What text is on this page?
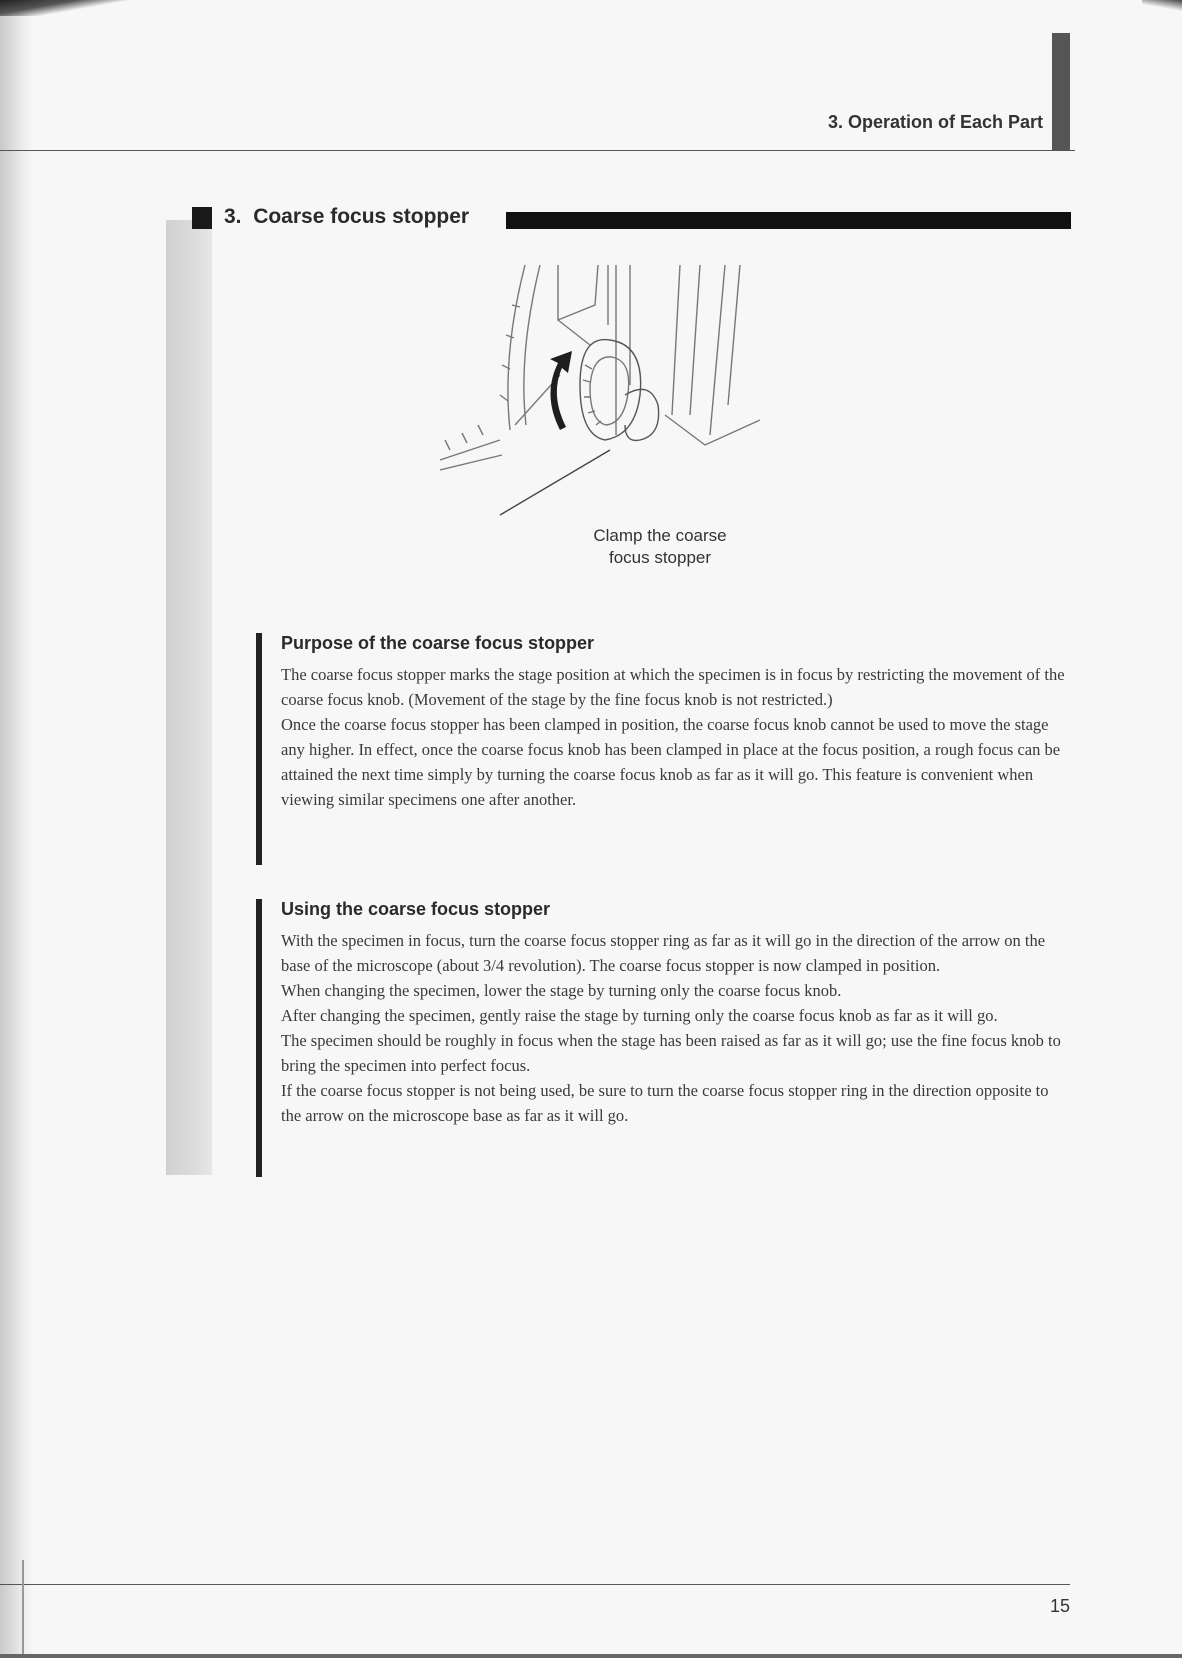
3. Operation of Each Part
3. Coarse focus stopper
Clamp the coarse
focus stopper
Purpose of the coarse focus stopper

The coarse focus stopper marks the stage position at which the specimen is in focus by restricting the movement of the coarse focus knob. (Movement of the stage by the fine focus knob is not restricted.)

Once the coarse focus stopper has been clamped in position, the coarse focus knob cannot be used to move the stage any higher. In effect, once the coarse focus knob has been clamped in place at the focus position, a rough focus can be attained the next time simply by turning the coarse focus knob as far as it will go. This feature is convenient when viewing similar specimens one after another.

Using the coarse focus stopper

With the specimen in focus, turn the coarse focus stopper ring as far as it will go in the direction of the arrow on the base of the microscope (about 3/4 revolution). The coarse focus stopper is now clamped in position.

When changing the specimen, lower the stage by turning only the coarse focus knob.

After changing the specimen, gently raise the stage by turning only the coarse focus knob as far as it will go.

The specimen should be roughly in focus when the stage has been raised as far as it will go; use the fine focus knob to bring the specimen into perfect focus.

If the coarse focus stopper is not being used, be sure to turn the coarse focus stopper ring in the direction opposite to the arrow on the microscope base as far as it will go.

15
